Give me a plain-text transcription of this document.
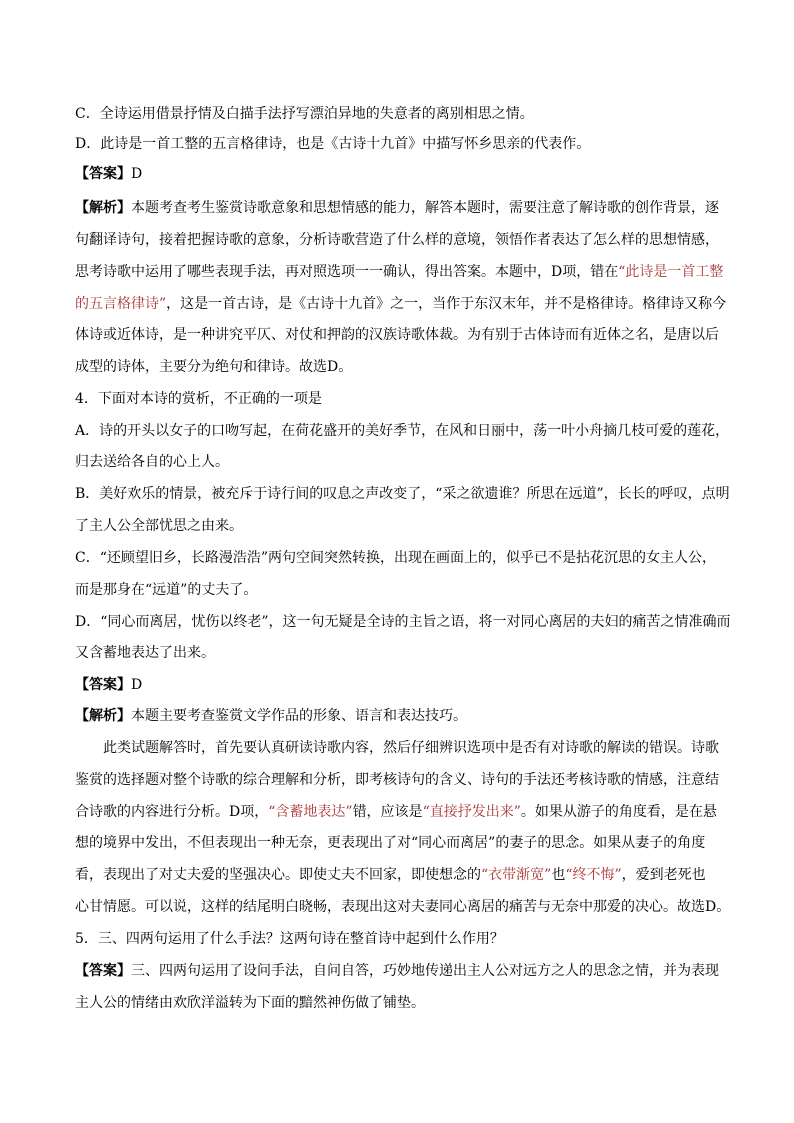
C．全诗运用借景抒情及白描手法抒写漂泊异地的失意者的离别相思之情。
D．此诗是一首工整的五言格律诗，也是《古诗十九首》中描写怀乡思亲的代表作。
【答案】D
【解析】本题考查考生鉴赏诗歌意象和思想情感的能力，解答本题时，需要注意了解诗歌的创作背景，逐
句翻译诗句，接着把握诗歌的意象，分析诗歌营造了什么样的意境，领悟作者表达了怎么样的思想情感，
思考诗歌中运用了哪些表现手法，再对照选项一一确认，得出答案。本题中，D项，错在“此诗是一首工整
的五言格律诗”，这是一首古诗，是《古诗十九首》之一，当作于东汉末年，并不是格律诗。格律诗又称今
体诗或近体诗，是一种讲究平仄、对仗和押韵的汉族诗歌体裁。为有别于古体诗而有近体之名，是唐以后
成型的诗体，主要分为绝句和律诗。故选D。
4．下面对本诗的赏析，不正确的一项是
A．诗的开头以女子的口吻写起，在荷花盛开的美好季节，在风和日丽中，荡一叶小舟摘几枝可爱的莲花，
归去送给各自的心上人。
B．美好欢乐的情景，被充斥于诗行间的叹息之声改变了，“采之欲遗谁？所思在远道”，长长的呼叹，点明
了主人公全部忧思之由来。
C．“还顾望旧乡，长路漫浩浩”两句空间突然转换，出现在画面上的，似乎已不是拈花沉思的女主人公，
而是那身在“远道”的丈夫了。
D．“同心而离居，忧伤以终老”，这一句无疑是全诗的主旨之语，将一对同心离居的夫妇的痛苦之情准确而
又含蓄地表达了出来。
【答案】D
【解析】本题主要考查鉴赏文学作品的形象、语言和表达技巧。
此类试题解答时，首先要认真研读诗歌内容，然后仔细辨识选项中是否有对诗歌的解读的错误。诗歌
鉴赏的选择题对整个诗歌的综合理解和分析，即考核诗句的含义、诗句的手法还考核诗歌的情感，注意结
合诗歌的内容进行分析。D项，“含蓄地表达”错，应该是“直接抒发出来”。如果从游子的角度看，是在悬
想的境界中发出，不但表现出一种无奈，更表现出了对“同心而离居”的妻子的思念。如果从妻子的角度
看，表现出了对丈夫爱的坚强决心。即使丈夫不回家，即使想念的“衣带渐宽”也“终不悔”，爱到老死也
心甘情愿。可以说，这样的结尾明白晓畅，表现出这对夫妻同心离居的痛苦与无奈中那爱的决心。故选D。
5．三、四两句运用了什么手法？这两句诗在整首诗中起到什么作用？
【答案】三、四两句运用了设问手法，自问自答，巧妙地传递出主人公对远方之人的思念之情，并为表现
主人公的情绪由欢欣洋溢转为下面的黯然神伤做了铺垫。
